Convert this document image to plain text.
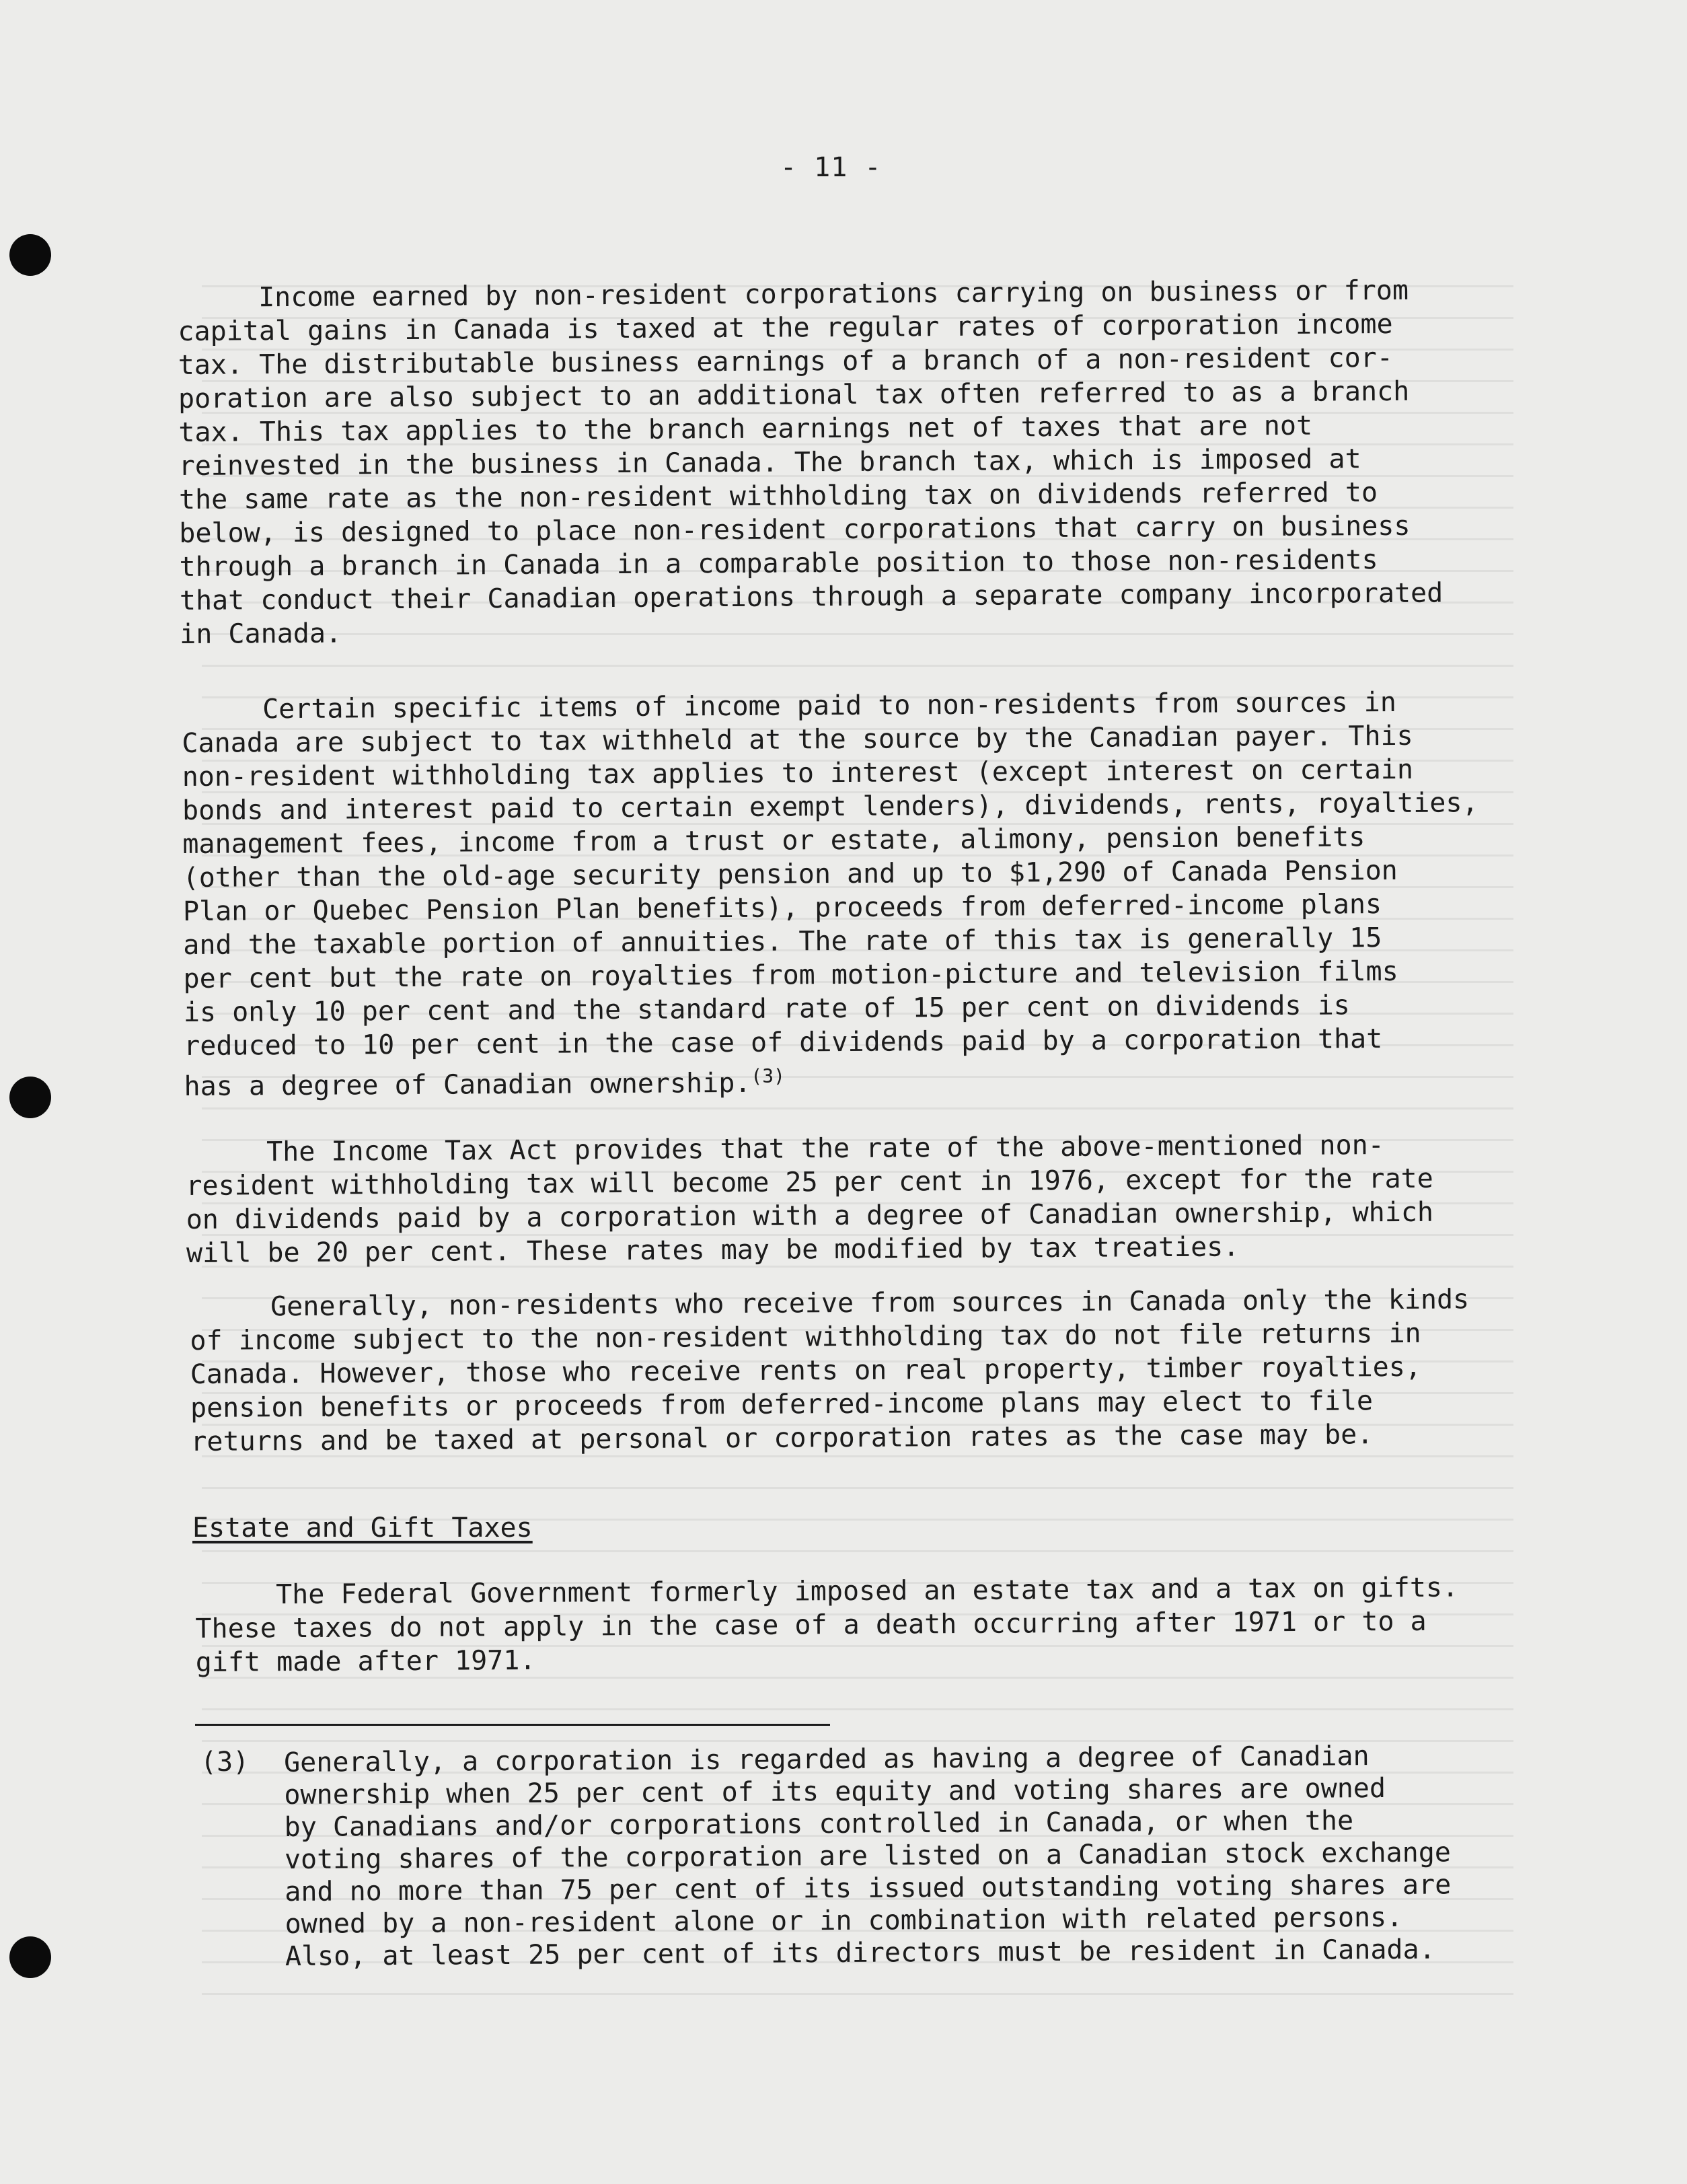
- 11 -
Income earned by non-resident corporations carrying on business or from
capital gains in Canada is taxed at the regular rates of corporation income
tax. The distributable business earnings of a branch of a non-resident cor-
poration are also subject to an additional tax often referred to as a branch
tax. This tax applies to the branch earnings net of taxes that are not
reinvested in the business in Canada. The branch tax, which is imposed at
the same rate as the non-resident withholding tax on dividends referred to
below, is designed to place non-resident corporations that carry on business
through a branch in Canada in a comparable position to those non-residents
that conduct their Canadian operations through a separate company incorporated
in Canada.
Certain specific items of income paid to non-residents from sources in
Canada are subject to tax withheld at the source by the Canadian payer. This
non-resident withholding tax applies to interest (except interest on certain
bonds and interest paid to certain exempt lenders), dividends, rents, royalties,
management fees, income from a trust or estate, alimony, pension benefits
(other than the old-age security pension and up to $1,290 of Canada Pension
Plan or Quebec Pension Plan benefits), proceeds from deferred-income plans
and the taxable portion of annuities. The rate of this tax is generally 15
per cent but the rate on royalties from motion-picture and television films
is only 10 per cent and the standard rate of 15 per cent on dividends is
reduced to 10 per cent in the case of dividends paid by a corporation that
has a degree of Canadian ownership.$^{(3)}$
The Income Tax Act provides that the rate of the above-mentioned non-
resident withholding tax will become 25 per cent in 1976, except for the rate
on dividends paid by a corporation with a degree of Canadian ownership, which
will be 20 per cent. These rates may be modified by tax treaties.
Generally, non-residents who receive from sources in Canada only the kinds
of income subject to the non-resident withholding tax do not file returns in
Canada. However, those who receive rents on real property, timber royalties,
pension benefits or proceeds from deferred-income plans may elect to file
returns and be taxed at personal or corporation rates as the case may be.
Estate and Gift Taxes
The Federal Government formerly imposed an estate tax and a tax on gifts.
These taxes do not apply in the case of a death occurring after 1971 or to a
gift made after 1971.
(3) Generally, a corporation is regarded as having a degree of Canadian
ownership when 25 per cent of its equity and voting shares are owned
by Canadians and/or corporations controlled in Canada, or when the
voting shares of the corporation are listed on a Canadian stock exchange
and no more than 75 per cent of its issued outstanding voting shares are
owned by a non-resident alone or in combination with related persons.
Also, at least 25 per cent of its directors must be resident in Canada.
